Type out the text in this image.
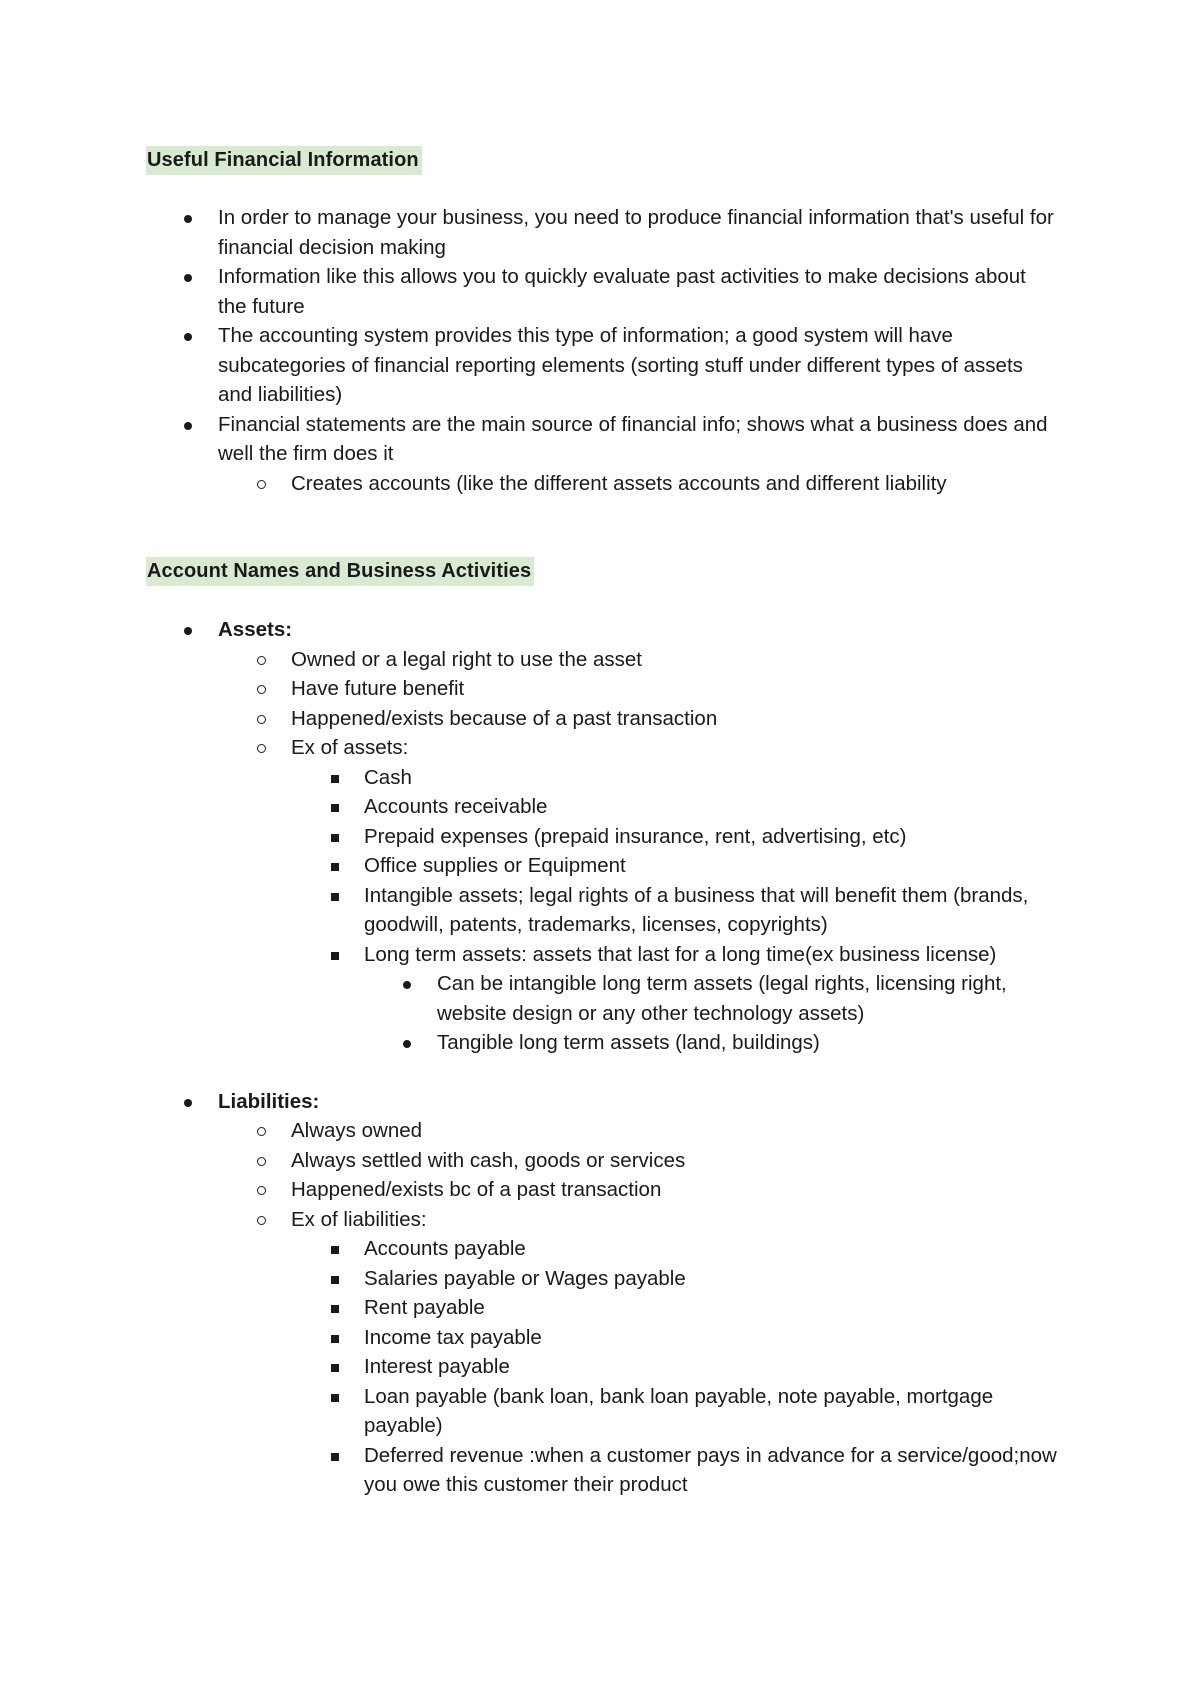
Useful Financial Information
In order to manage your business, you need to produce financial information that's useful for financial decision making
Information like this allows you to quickly evaluate past activities to make decisions about the future
The accounting system provides this type of information; a good system will have subcategories of financial reporting elements (sorting stuff under different types of assets and liabilities)
Financial statements are the main source of financial info; shows what a business does and well the firm does it
Creates accounts (like the different assets accounts and different liability
Account Names and Business Activities
Assets:
Owned or a legal right to use the asset
Have future benefit
Happened/exists because of a past transaction
Ex of assets:
Cash
Accounts receivable
Prepaid expenses (prepaid insurance, rent, advertising, etc)
Office supplies or Equipment
Intangible assets; legal rights of a business that will benefit them (brands, goodwill, patents, trademarks, licenses, copyrights)
Long term assets: assets that last for a long time(ex business license)
Can be intangible long term assets (legal rights, licensing right, website design or any other technology assets)
Tangible long term assets (land, buildings)
Liabilities:
Always owned
Always settled with cash, goods or services
Happened/exists bc of a past transaction
Ex of liabilities:
Accounts payable
Salaries payable or Wages payable
Rent payable
Income tax payable
Interest payable
Loan payable (bank loan, bank loan payable, note payable, mortgage payable)
Deferred revenue :when a customer pays in advance for a service/good;now you owe this customer their product
